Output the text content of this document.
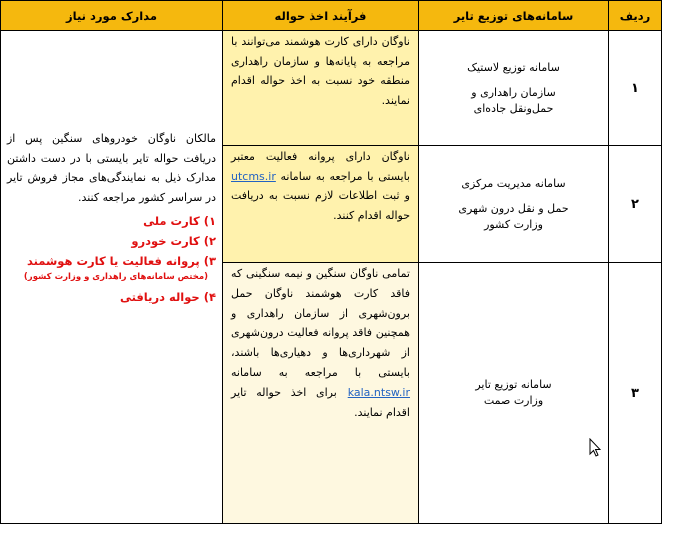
ردیف
سامانه‌های توزیع تایر
فرآیند اخذ حواله
مدارک مورد نیاز
۱
سامانه توزیع لاستیک
سازمان راهداری و
حمل‌ونقل جاده‌ای
ناوگان دارای کارت هوشمند می‌توانند با مراجعه به پایانه‌ها و سازمان راهداری منطقه خود نسبت به اخذ حواله اقدام نمایند.
۲
سامانه مدیریت مرکزی
حمل و نقل درون شهری
وزارت کشور
ناوگان دارای پروانه فعالیت معتبر بایستی با مراجعه به سامانه utcms.ir و ثبت اطلاعات لازم نسبت به دریافت حواله اقدام کنند.
۳
سامانه توزیع تایر
وزارت صمت
تمامی ناوگان سنگین و نیمه سنگینی که فاقد کارت هوشمند ناوگان حمل برون‌شهری از سازمان راهداری و همچنین فاقد پروانه فعالیت درون‌شهری از شهرداری‌ها و دهیاری‌ها باشند، بایستی با مراجعه به سامانه kala.ntsw.ir برای اخذ حواله تایر اقدام نمایند.
مالکان ناوگان خودروهای سنگین پس از دریافت حواله تایر بایستی با در دست داشتن مدارک ذیل به نمایندگی‌های مجاز فروش تایر در سراسر کشور مراجعه کنند.
۱) کارت ملی
۲) کارت خودرو
۳) پروانه فعالیت یا کارت هوشمند
(مختص سامانه‌های راهداری و وزارت کشور)
۴) حواله دریافتی
